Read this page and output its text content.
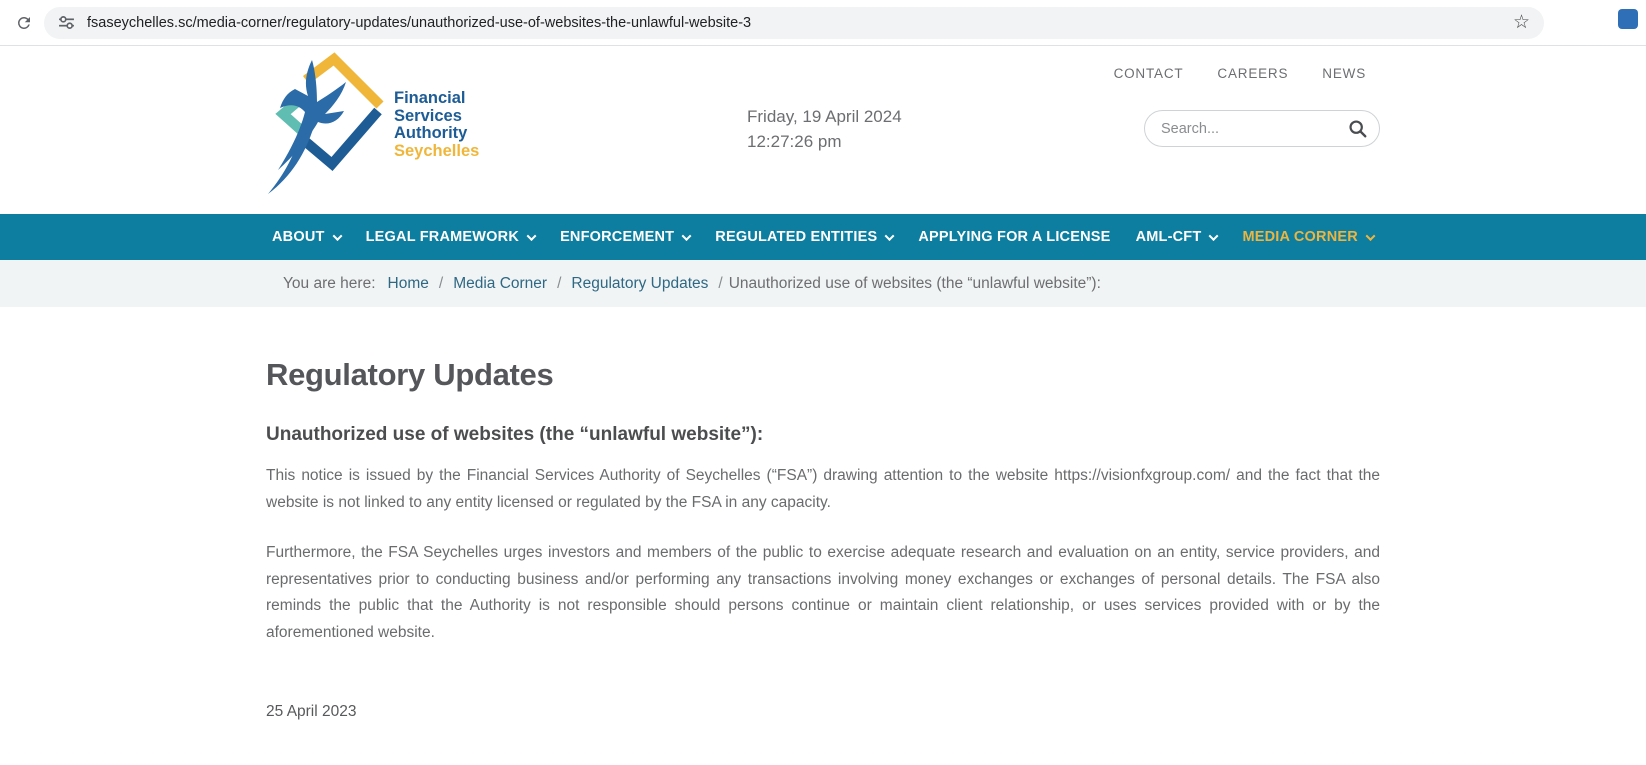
fsaseychelles.sc/media-corner/regulatory-updates/unauthorized-use-of-websites-the-unlawful-website-3	☆
Financial
Services
Authority
Seychelles
Friday, 19 April 2024
12:27:26 pm
CONTACT	CAREERS	NEWS
Search...
ABOUT	LEGAL FRAMEWORK	ENFORCEMENT	REGULATED ENTITIES	APPLYING FOR A LICENSE AML-CFT	MEDIA CORNER
You are here: Home / Media Corner / Regulatory Updates / Unauthorized use of websites (the “unlawful website”):
Regulatory Updates
Unauthorized use of websites (the “unlawful website”):

This notice is issued by the Financial Services Authority of Seychelles (“FSA”) drawing attention to the website https://visionfxgroup.com/ and the fact that the website is not linked to any entity licensed or regulated by the FSA in any capacity.

Furthermore, the FSA Seychelles urges investors and members of the public to exercise adequate research and evaluation on an entity, service providers, and representatives prior to conducting business and/or performing any transactions involving money exchanges or exchanges of personal details. The FSA also reminds the public that the Authority is not responsible should persons continue or maintain client relationship, or uses services provided with or by the aforementioned website.

25 April 2023
